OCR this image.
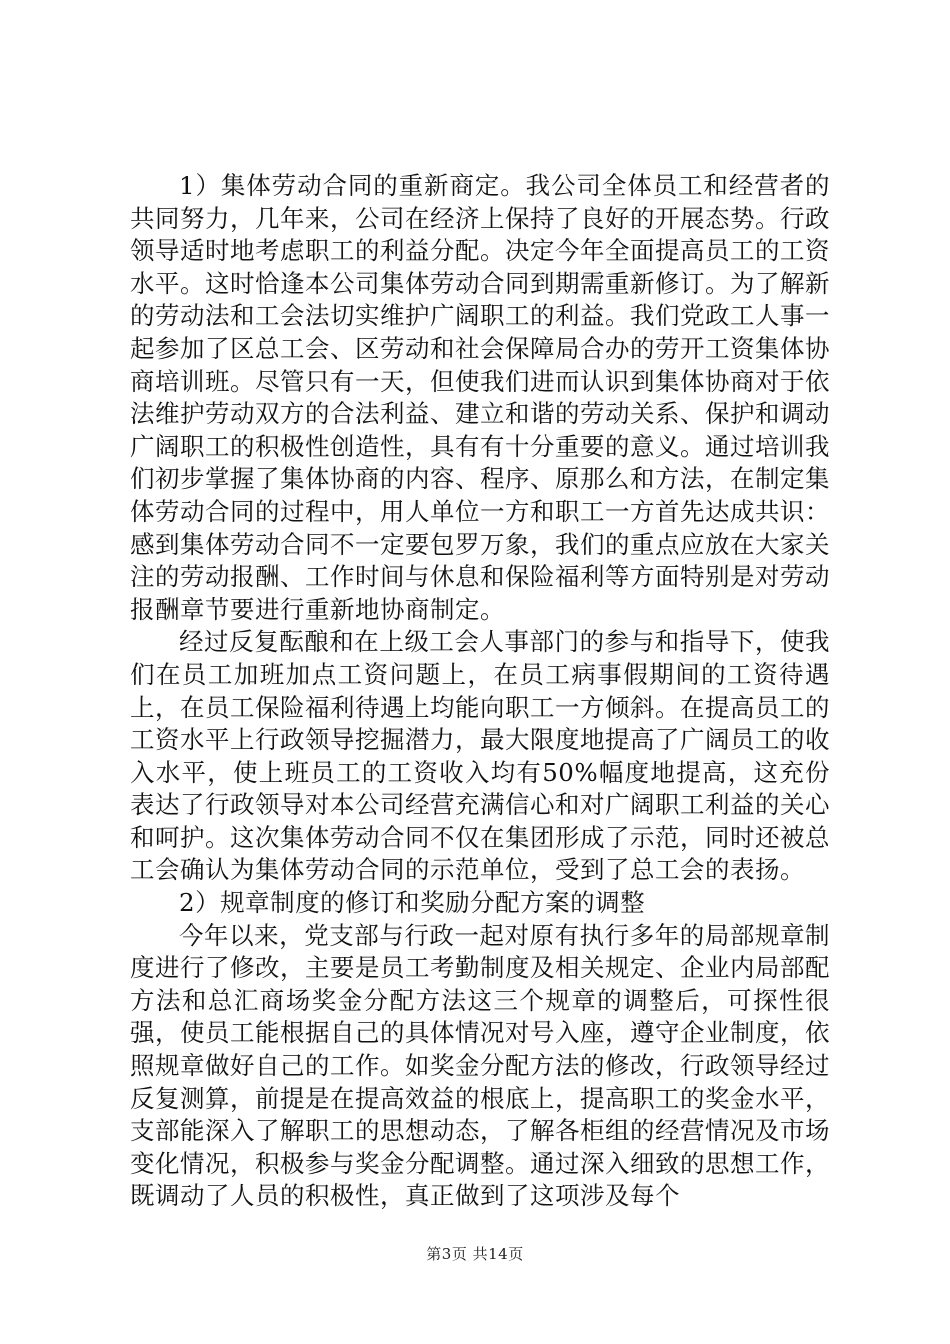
1）集体劳动合同的重新商定。我公司全体员工和经营者的共同努力，几年来，公司在经济上保持了良好的开展态势。行政领导适时地考虑职工的利益分配。决定今年全面提高员工的工资水平。这时恰逢本公司集体劳动合同到期需重新修订。为了解新的劳动法和工会法切实维护广阔职工的利益。我们党政工人事一起参加了区总工会、区劳动和社会保障局合办的劳开工资集体协商培训班。尽管只有一天，但使我们进而认识到集体协商对于依法维护劳动双方的合法利益、建立和谐的劳动关系、保护和调动广阔职工的积极性创造性，具有有十分重要的意义。通过培训我们初步掌握了集体协商的内容、程序、原那么和方法，在制定集体劳动合同的过程中，用人单位一方和职工一方首先达成共识：感到集体劳动合同不一定要包罗万象，我们的重点应放在大家关注的劳动报酬、工作时间与休息和保险福利等方面特别是对劳动报酬章节要进行重新地协商制定。

经过反复酝酿和在上级工会人事部门的参与和指导下，使我们在员工加班加点工资问题上，在员工病事假期间的工资待遇上，在员工保险福利待遇上均能向职工一方倾斜。在提高员工的工资水平上行政领导挖掘潜力，最大限度地提高了广阔员工的收入水平，使上班员工的工资收入均有50%幅度地提高，这充份表达了行政领导对本公司经营充满信心和对广阔职工利益的关心和呵护。这次集体劳动合同不仅在集团形成了示范，同时还被总工会确认为集体劳动合同的示范单位，受到了总工会的表扬。

2）规章制度的修订和奖励分配方案的调整

今年以来，党支部与行政一起对原有执行多年的局部规章制度进行了修改，主要是员工考勤制度及相关规定、企业内局部配方法和总汇商场奖金分配方法这三个规章的调整后，可探性很强，使员工能根据自己的具体情况对号入座，遵守企业制度，依照规章做好自己的工作。如奖金分配方法的修改，行政领导经过反复测算，前提是在提高效益的根底上，提高职工的奖金水平，支部能深入了解职工的思想动态，了解各柜组的经营情况及市场变化情况，积极参与奖金分配调整。通过深入细致的思想工作，既调动了人员的积极性，真正做到了这项涉及每个

第3页 共14页
